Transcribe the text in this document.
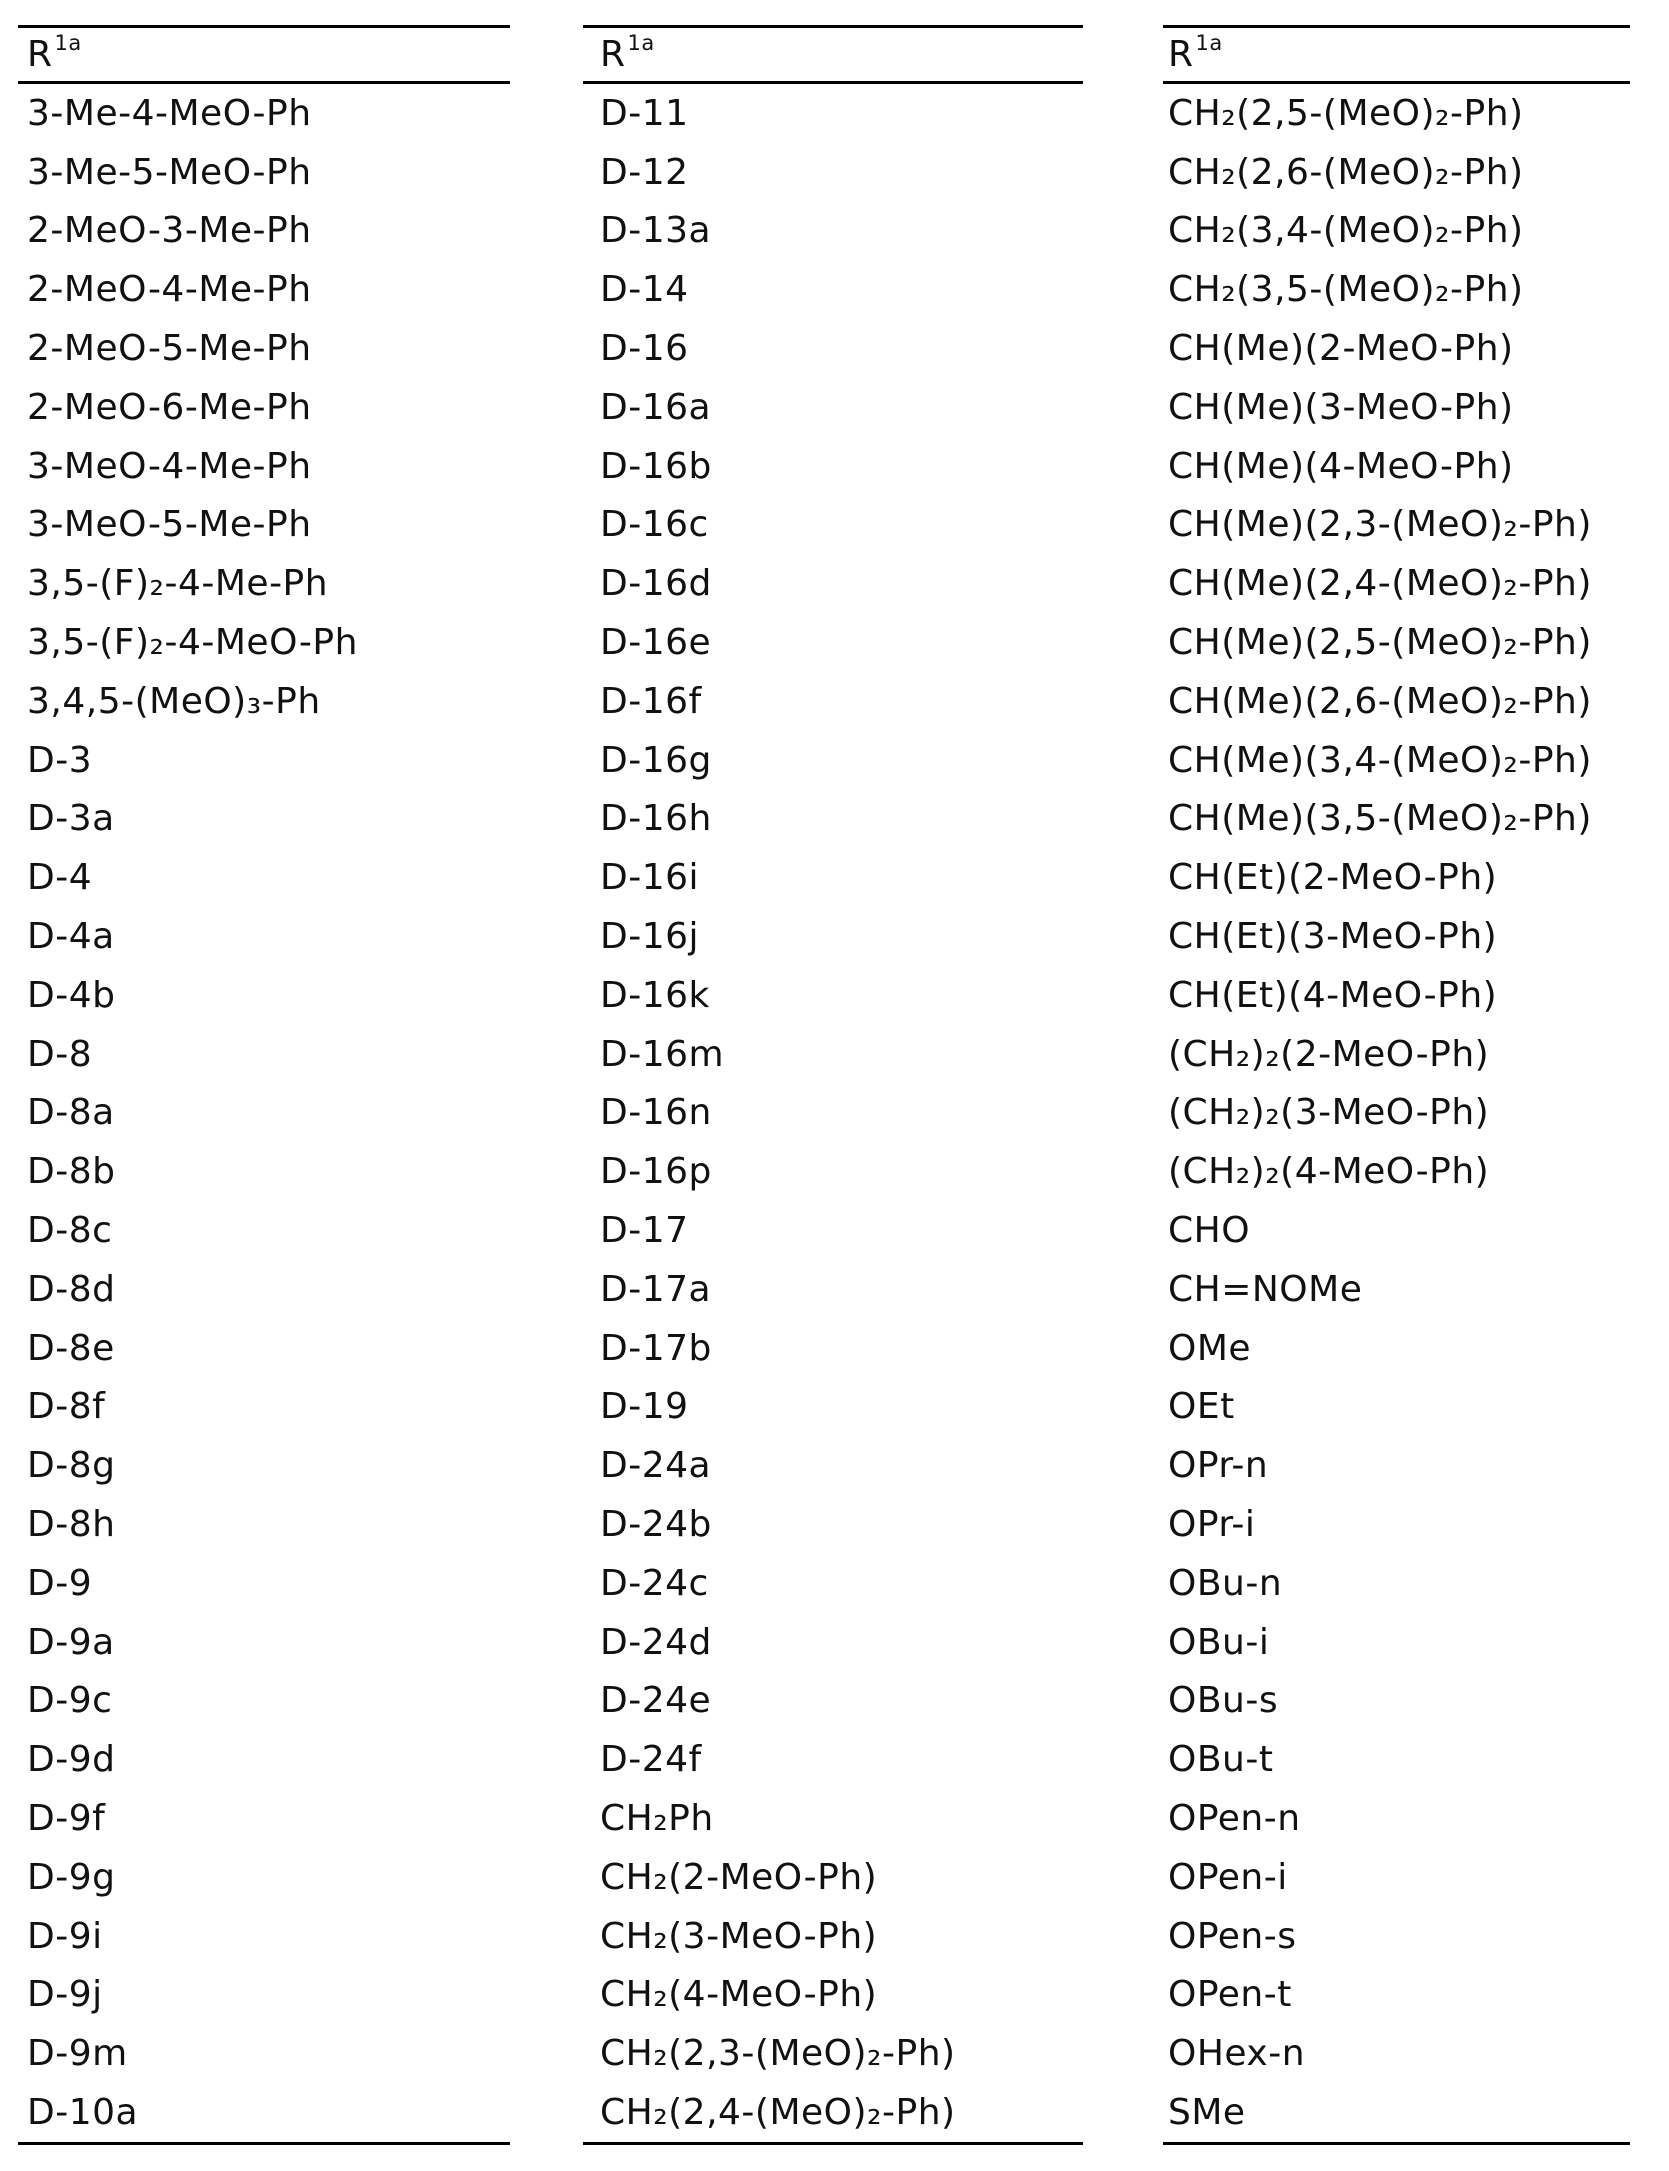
R 1a
3-Me-4-MeO-Ph
3-Me-5-MeO-Ph
2-MeO-3-Me-Ph
2-MeO-4-Me-Ph
2-MeO-5-Me-Ph
2-MeO-6-Me-Ph
3-MeO-4-Me-Ph
3-MeO-5-Me-Ph
3,5-(F)₂-4-Me-Ph
3,5-(F)₂-4-MeO-Ph
3,4,5-(MeO)₃-Ph
D-3
D-3a
D-4
D-4a
D-4b
D-8
D-8a
D-8b
D-8c
D-8d
D-8e
D-8f
D-8g
D-8h
D-9
D-9a
D-9c
D-9d
D-9f
D-9g
D-9i
D-9j
D-9m
D-10a
R 1a
D-11
D-12
D-13a
D-14
D-16
D-16a
D-16b
D-16c
D-16d
D-16e
D-16f
D-16g
D-16h
D-16i
D-16j
D-16k
D-16m
D-16n
D-16p
D-17
D-17a
D-17b
D-19
D-24a
D-24b
D-24c
D-24d
D-24e
D-24f
CH₂Ph
CH₂(2-MeO-Ph)
CH₂(3-MeO-Ph)
CH₂(4-MeO-Ph)
CH₂(2,3-(MeO)₂-Ph)
CH₂(2,4-(MeO)₂-Ph)
R 1a
CH₂(2,5-(MeO)₂-Ph)
CH₂(2,6-(MeO)₂-Ph)
CH₂(3,4-(MeO)₂-Ph)
CH₂(3,5-(MeO)₂-Ph)
CH(Me)(2-MeO-Ph)
CH(Me)(3-MeO-Ph)
CH(Me)(4-MeO-Ph)
CH(Me)(2,3-(MeO)₂-Ph)
CH(Me)(2,4-(MeO)₂-Ph)
CH(Me)(2,5-(MeO)₂-Ph)
CH(Me)(2,6-(MeO)₂-Ph)
CH(Me)(3,4-(MeO)₂-Ph)
CH(Me)(3,5-(MeO)₂-Ph)
CH(Et)(2-MeO-Ph)
CH(Et)(3-MeO-Ph)
CH(Et)(4-MeO-Ph)
(CH₂)₂(2-MeO-Ph)
(CH₂)₂(3-MeO-Ph)
(CH₂)₂(4-MeO-Ph)
CHO
CH=NOMe
OMe
OEt
OPr-n
OPr-i
OBu-n
OBu-i
OBu-s
OBu-t
OPen-n
OPen-i
OPen-s
OPen-t
OHex-n
SMe
